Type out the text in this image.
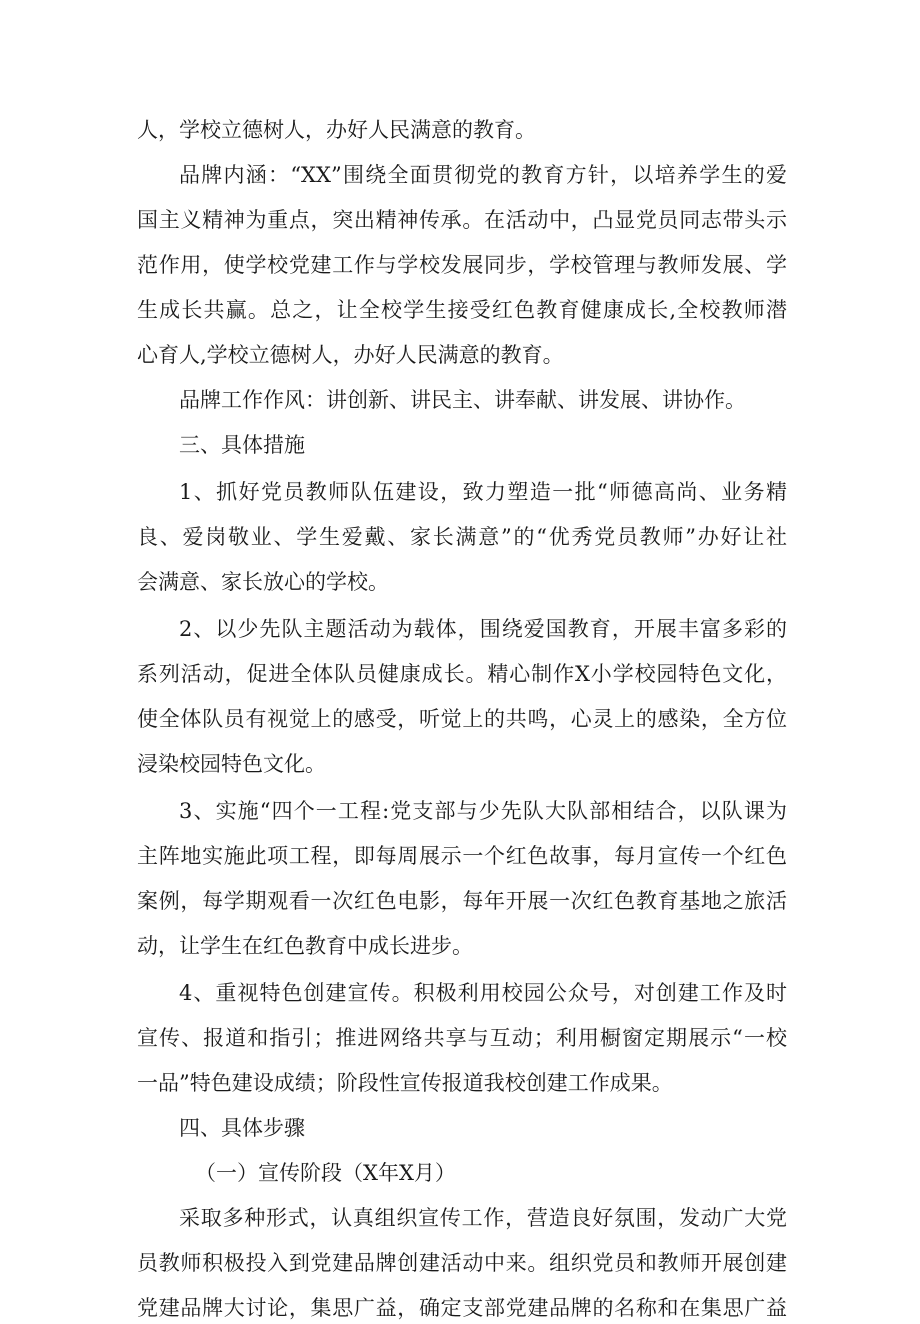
人，学校立德树人，办好人民满意的教育。
品牌内涵：“XX”围绕全面贯彻党的教育方针，以培养学生的爱
国主义精神为重点，突出精神传承。在活动中，凸显党员同志带头示
范作用，使学校党建工作与学校发展同步，学校管理与教师发展、学
生成长共赢。总之，让全校学生接受红色教育健康成长,全校教师潜
心育人,学校立德树人，办好人民满意的教育。
品牌工作作风：讲创新、讲民主、讲奉献、讲发展、讲协作。
三、具体措施
1、抓好党员教师队伍建设，致力塑造一批“师德高尚、业务精
良、爱岗敬业、学生爱戴、家长满意”的“优秀党员教师”办好让社
会满意、家长放心的学校。
2、以少先队主题活动为载体，围绕爱国教育，开展丰富多彩的
系列活动，促进全体队员健康成长。精心制作X小学校园特色文化，
使全体队员有视觉上的感受，听觉上的共鸣，心灵上的感染，全方位
浸染校园特色文化。
3、实施“四个一工程:党支部与少先队大队部相结合，以队课为
主阵地实施此项工程，即每周展示一个红色故事，每月宣传一个红色
案例，每学期观看一次红色电影，每年开展一次红色教育基地之旅活
动，让学生在红色教育中成长进步。
4、重视特色创建宣传。积极利用校园公众号，对创建工作及时
宣传、报道和指引；推进网络共享与互动；利用橱窗定期展示“一校
一品”特色建设成绩；阶段性宣传报道我校创建工作成果。
四、具体步骤
（一）宣传阶段（X年X月）
采取多种形式，认真组织宣传工作，营造良好氛围，发动广大党
员教师积极投入到党建品牌创建活动中来。组织党员和教师开展创建
党建品牌大讨论，集思广益，确定支部党建品牌的名称和在集思广益
